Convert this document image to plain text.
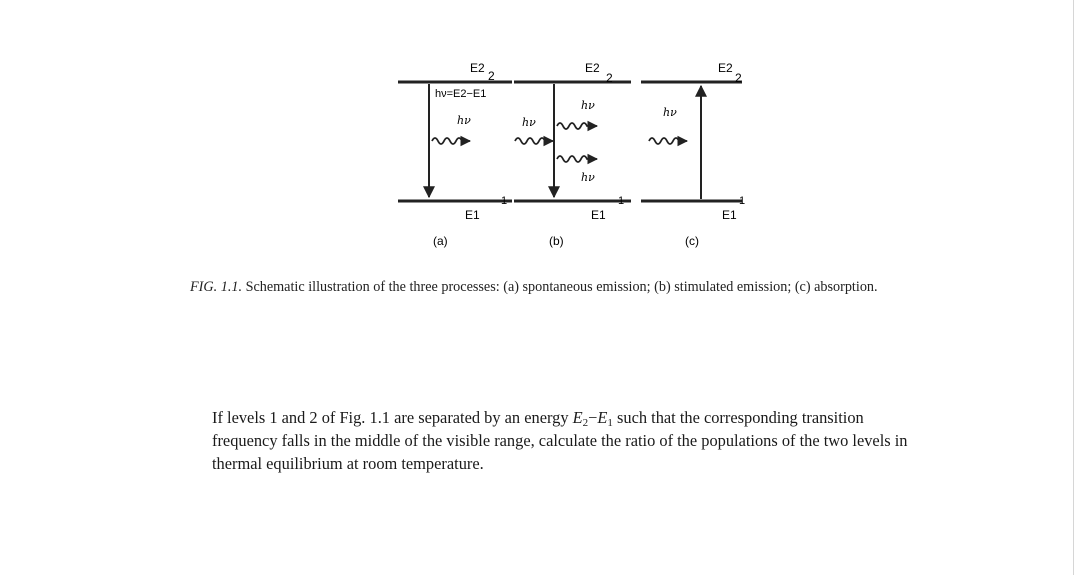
E2
2
hν=E2−E1
hν
E1
1
(a)
E2
2
hν
hν
hν
E1
1
(b)
E2
2
hν
E1
1
(c)
FIG. 1.1. Schematic illustration of the three processes: (a) spontaneous emission; (b) stimulated emission; (c) absorption.
If levels 1 and 2 of Fig. 1.1 are separated by an energy $E_2-E_1$ such that the corresponding transition frequency falls in the middle of the visible range, calculate the ratio of the populations of the two levels in thermal equilibrium at room temperature.
